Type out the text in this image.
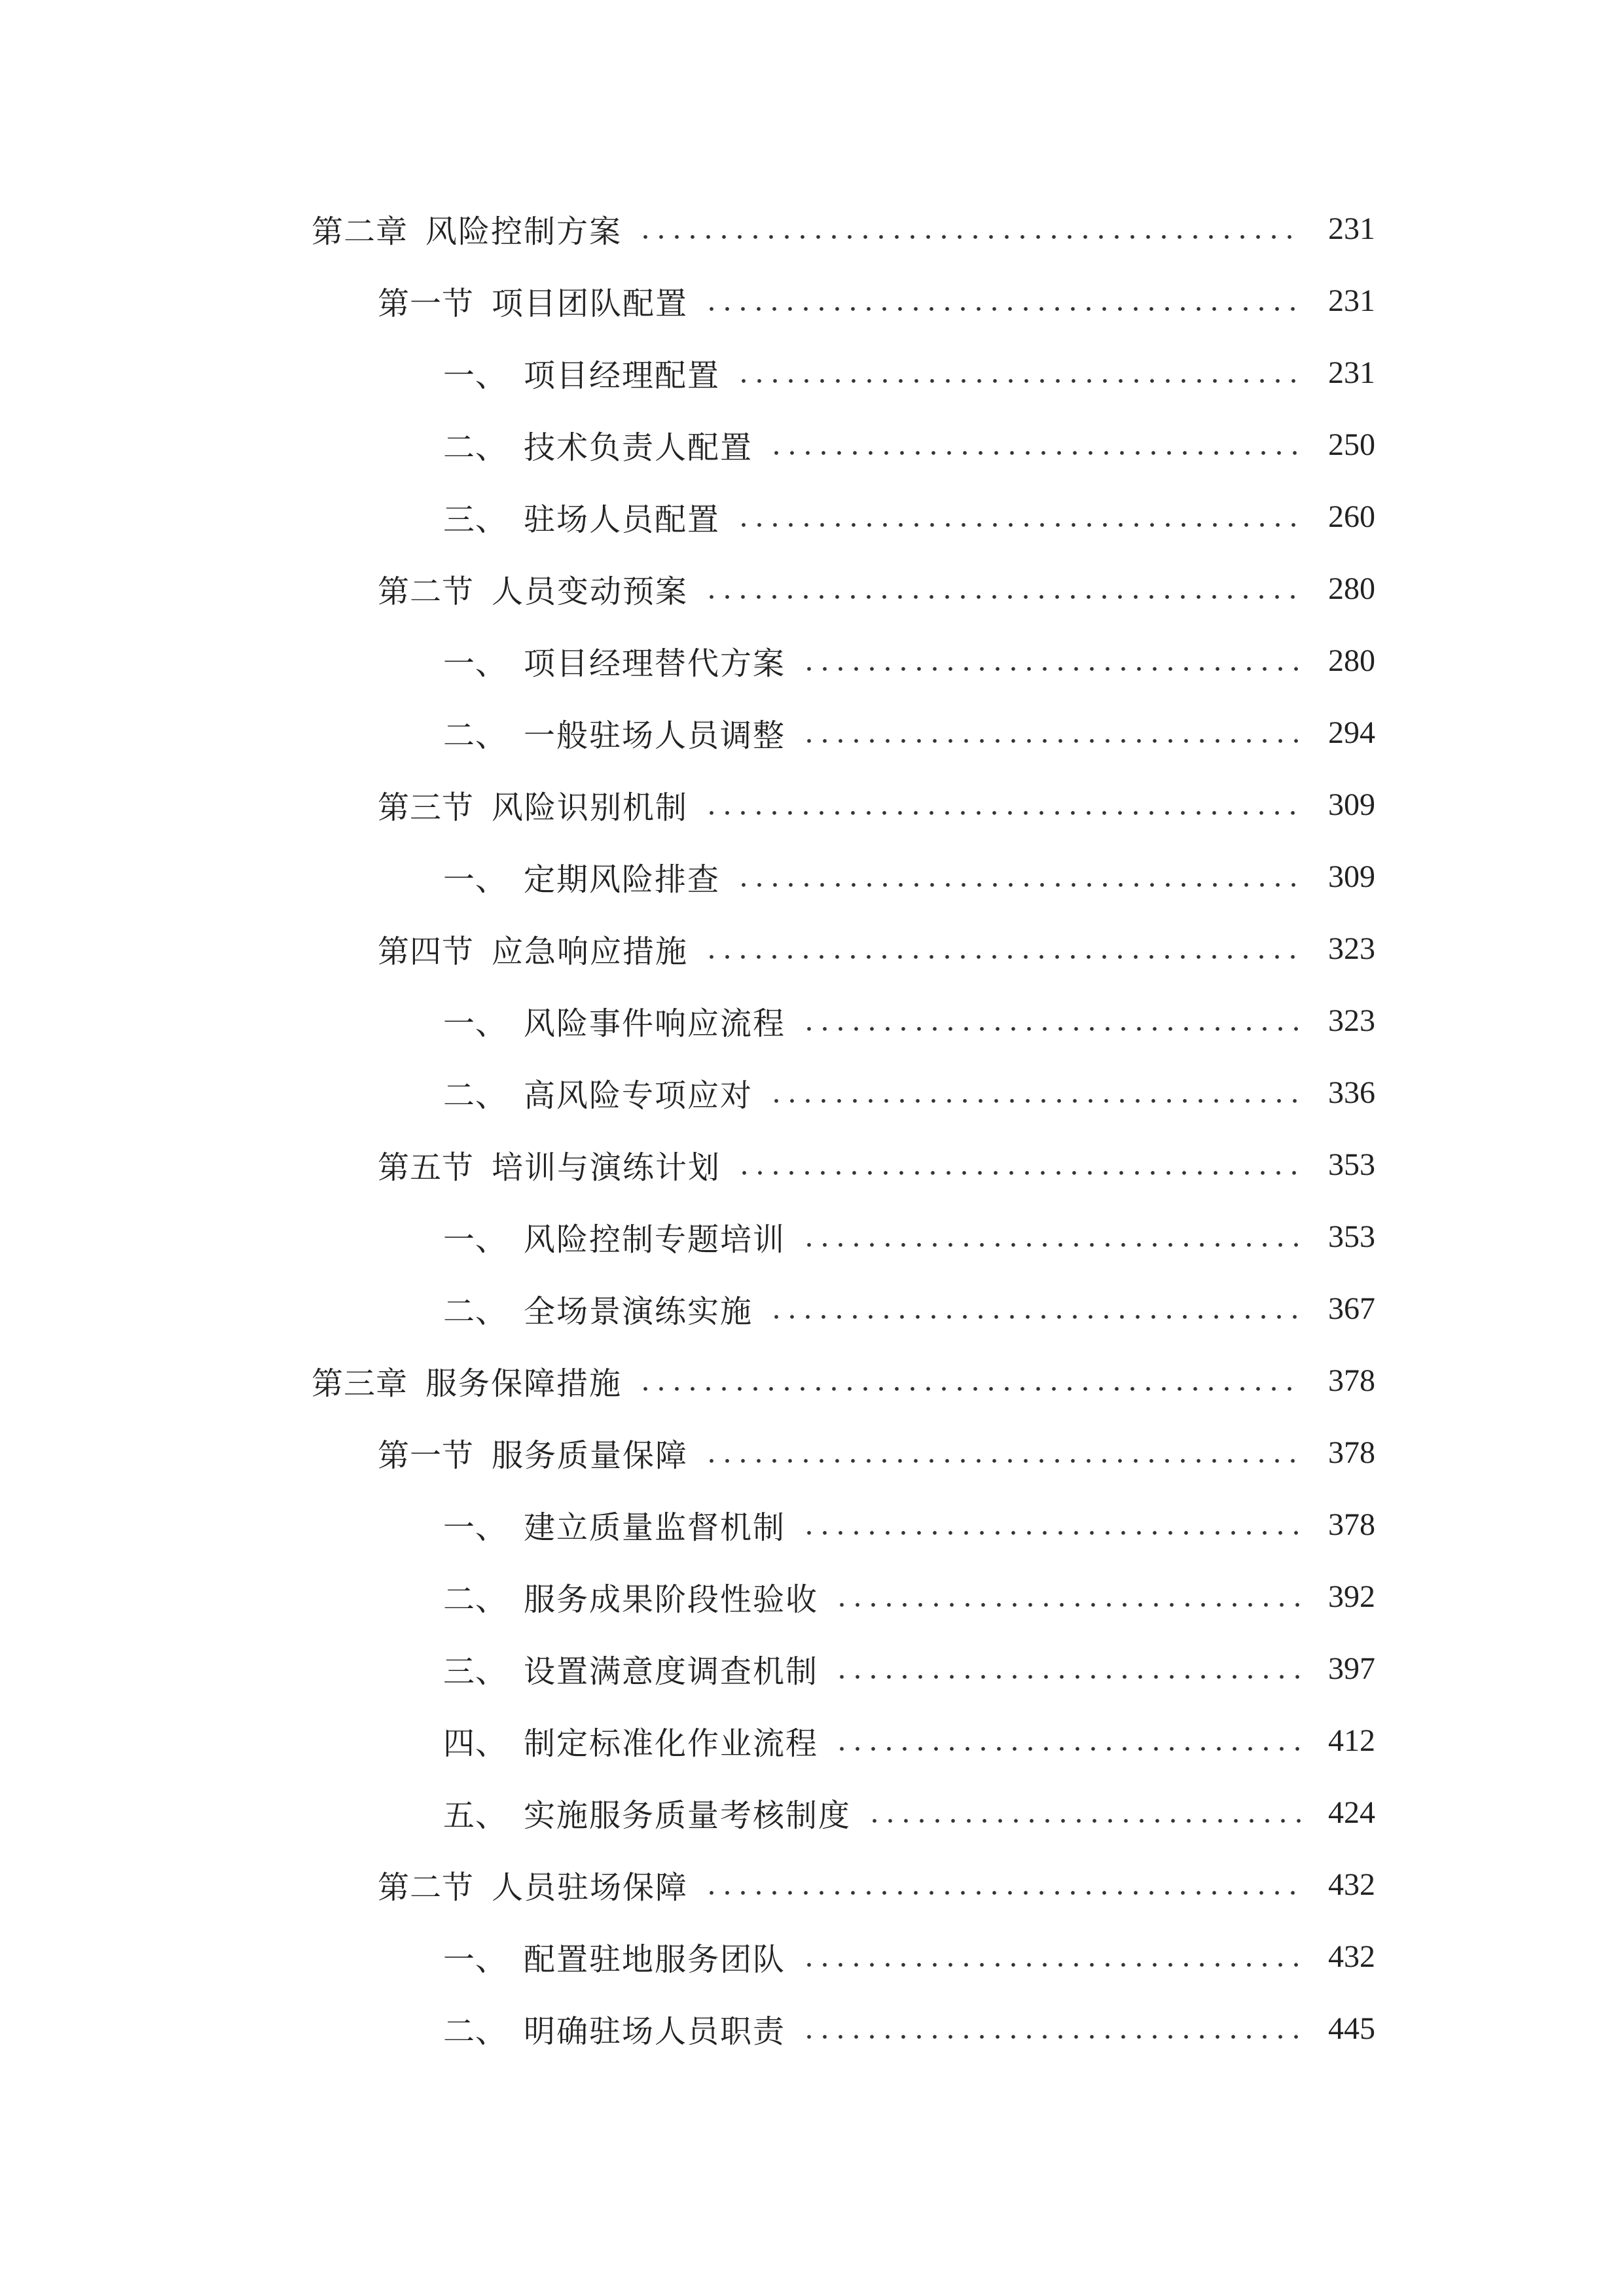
第二章 风险控制方案	231
第一节 项目团队配置	231
一、 项目经理配置	231
二、 技术负责人配置	250
三、 驻场人员配置	260
第二节 人员变动预案	280
一、 项目经理替代方案	280
二、 一般驻场人员调整	294
第三节 风险识别机制	309
一、 定期风险排查	309
第四节 应急响应措施	323
一、 风险事件响应流程	323
二、 高风险专项应对	336
第五节 培训与演练计划	353
一、 风险控制专题培训	353
二、 全场景演练实施	367
第三章 服务保障措施	378
第一节 服务质量保障	378
一、 建立质量监督机制	378
二、 服务成果阶段性验收	392
三、 设置满意度调查机制	397
四、 制定标准化作业流程	412
五、 实施服务质量考核制度	424
第二节 人员驻场保障	432
一、 配置驻地服务团队	432
二、 明确驻场人员职责	445
